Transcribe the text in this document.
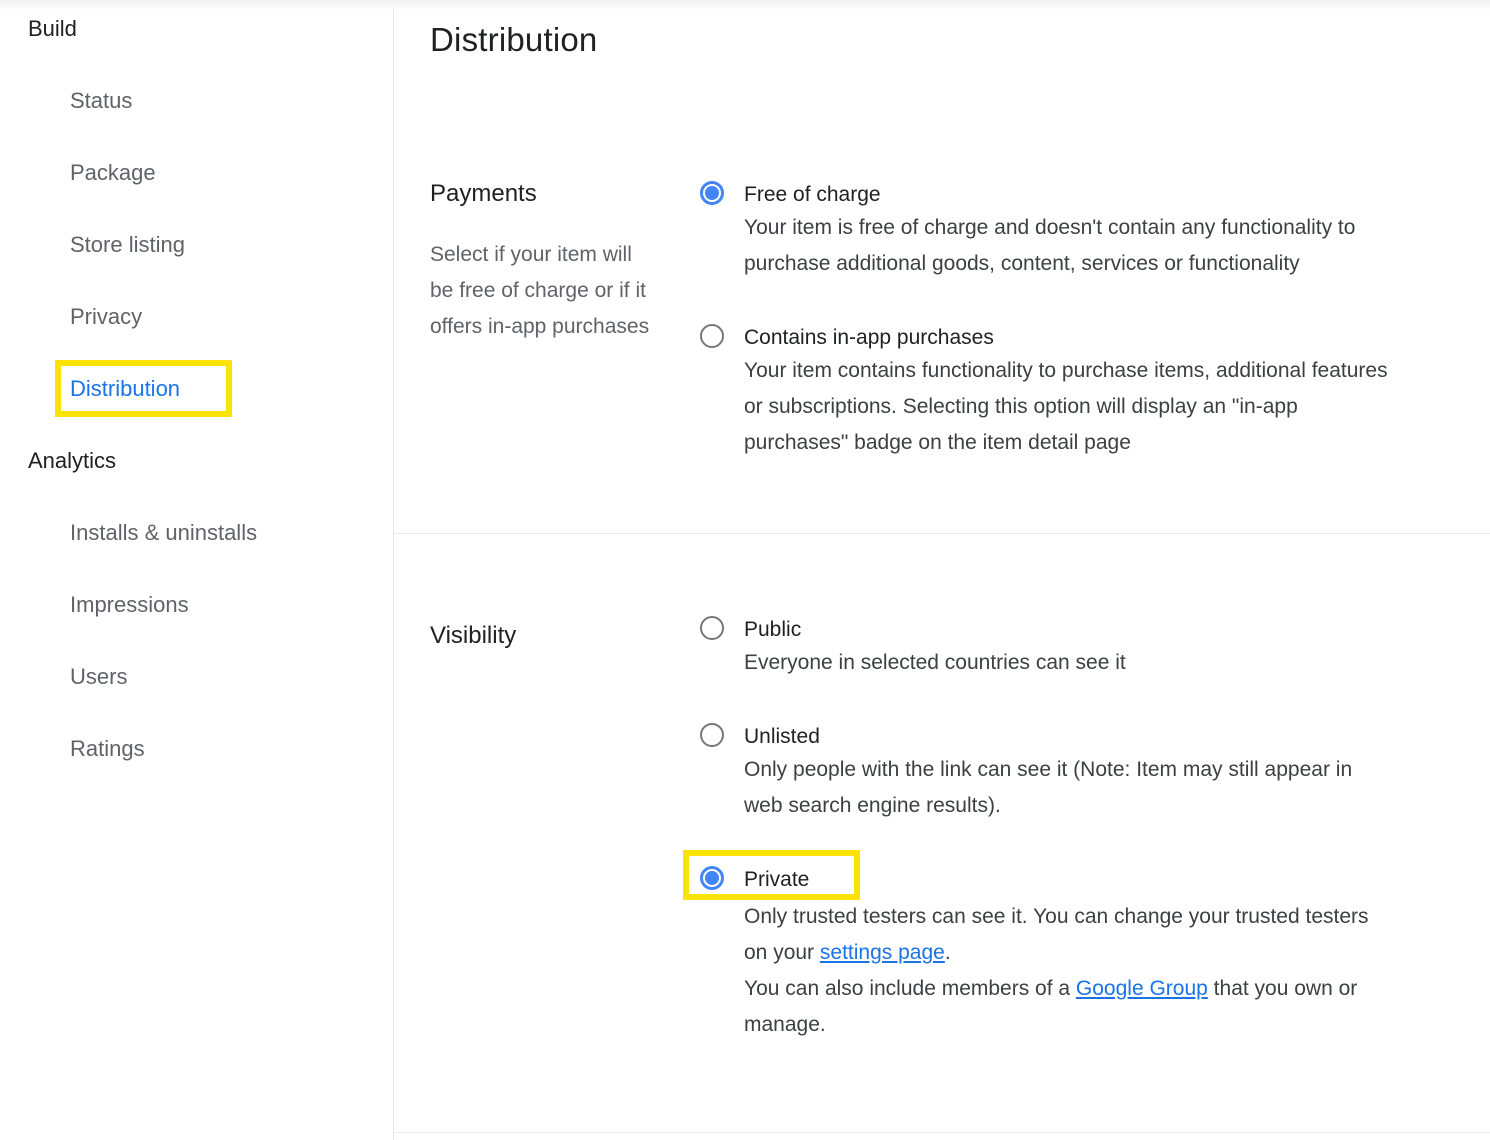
Build
Status
Package
Store listing
Privacy
Distribution
Analytics
Installs & uninstalls
Impressions
Users
Ratings
Distribution
Payments

Select if your item will be free of charge or if it offers in-app purchases

Free of charge
Your item is free of charge and doesn't contain any functionality to purchase additional goods, content, services or functionality
Contains in-app purchases
Your item contains functionality to purchase items, additional features or subscriptions. Selecting this option will display an "in-app purchases" badge on the item detail page
Visibility	Public
Everyone in selected countries can see it
Unlisted
Only people with the link can see it (Note: Item may still appear in web search engine results).
Private
Only trusted testers can see it. You can change your trusted testers on your settings page.
You can also include members of a Google Group that you own or manage.
